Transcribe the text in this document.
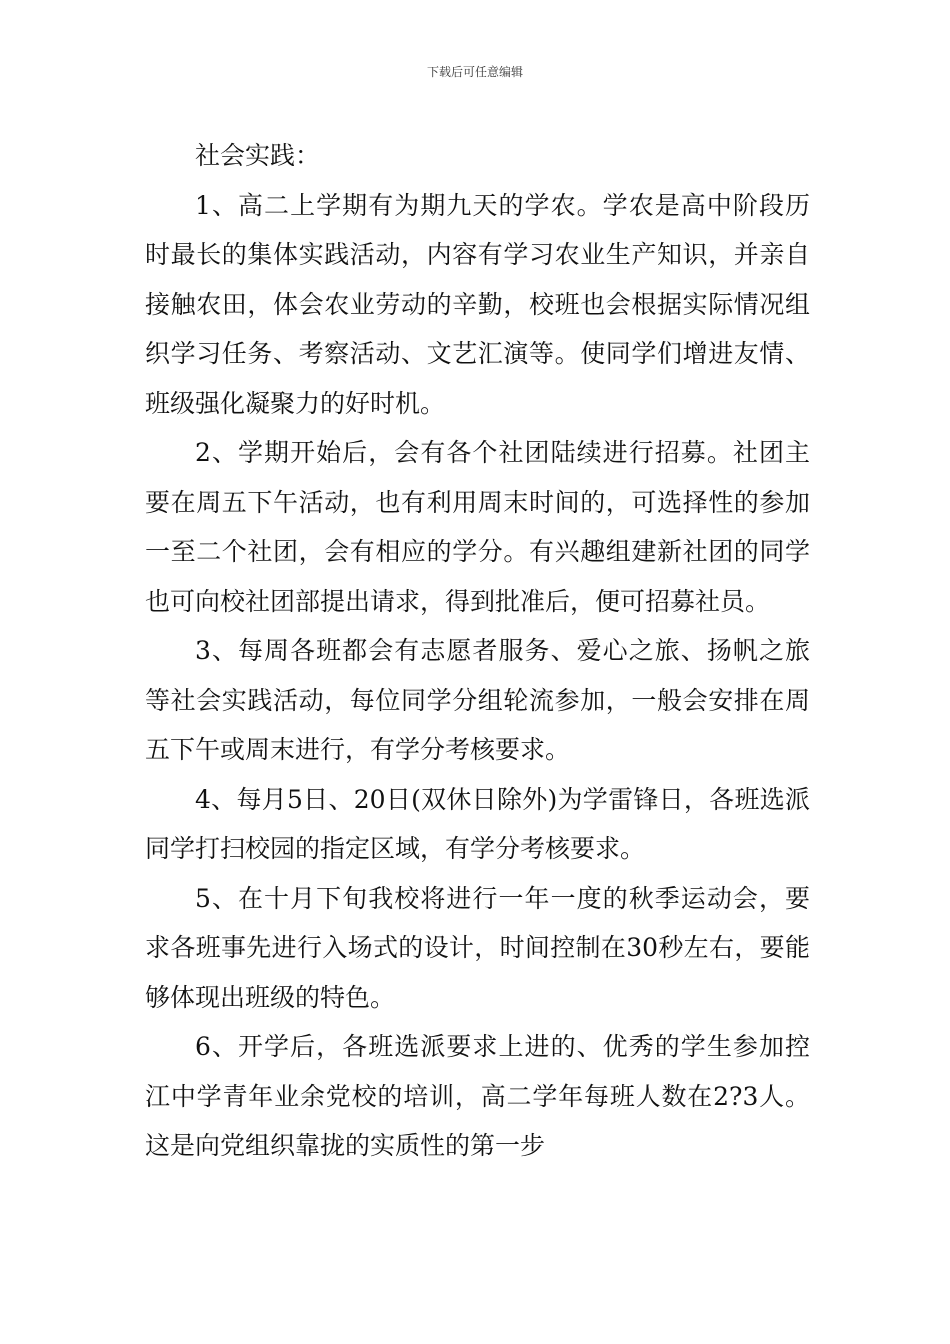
下载后可任意编辑

社会实践：

1、高二上学期有为期九天的学农。学农是高中阶段历时最长的集体实践活动，内容有学习农业生产知识，并亲自接触农田，体会农业劳动的辛勤，校班也会根据实际情况组织学习任务、考察活动、文艺汇演等。使同学们增进友情、班级强化凝聚力的好时机。

2、学期开始后，会有各个社团陆续进行招募。社团主要在周五下午活动，也有利用周末时间的，可选择性的参加一至二个社团，会有相应的学分。有兴趣组建新社团的同学也可向校社团部提出请求，得到批准后，便可招募社员。

3、每周各班都会有志愿者服务、爱心之旅、扬帆之旅等社会实践活动，每位同学分组轮流参加，一般会安排在周五下午或周末进行，有学分考核要求。

4、每月5日、20日(双休日除外)为学雷锋日，各班选派同学打扫校园的指定区域，有学分考核要求。

5、在十月下旬我校将进行一年一度的秋季运动会，要求各班事先进行入场式的设计，时间控制在30秒左右，要能够体现出班级的特色。

6、开学后，各班选派要求上进的、优秀的学生参加控江中学青年业余党校的培训，高二学年每班人数在2?3人。这是向党组织靠拢的实质性的第一步
